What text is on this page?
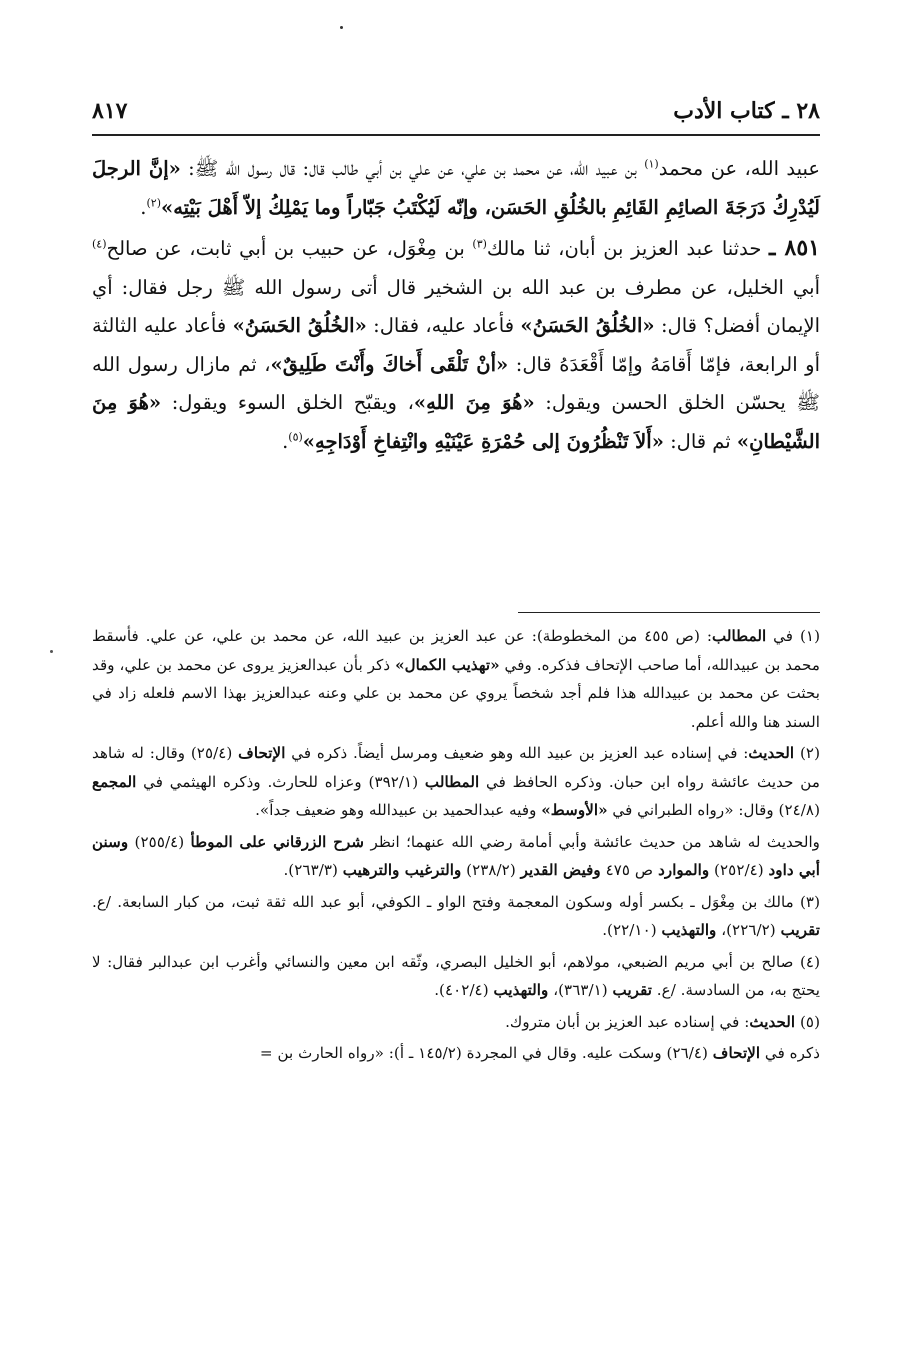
٢٨ ـ كتاب الأدب
٨١٧

عبيد الله، عن محمد$^{(١)}$ بن عبيد الله، عن محمد بن علي، عن علي بن أبي طالب قال: قال رسول الله ﷺ: «إنَّ الرجلَ لَيُدْرِكُ دَرَجَةَ الصائِمِ القَائِمِ بالخُلُقِ الحَسَن، وإنّه لَيُكْتَبُ جَبّاراً وما يَمْلِكُ إلاّ أَهْلَ بَيْتِه»$^{(٢)}$.

٨٥١ ـ حدثنا عبد العزيز بن أبان، ثنا مالك$^{(٣)}$ بن مِغْوَل، عن حبيب بن أبي ثابت، عن صالح$^{(٤)}$ أبي الخليل، عن مطرف بن عبد الله بن الشخير قال أتى رسول الله ﷺ رجل فقال: أي الإيمان أفضل؟ قال: «الخُلُقُ الحَسَنُ» فأعاد عليه، فقال: «الخُلُقُ الحَسَنُ» فأعاد عليه الثالثة أو الرابعة، فإمّا أَقامَهُ وإمّا أَقْعَدَهُ قال: «أنْ تَلْقَى أَخاكَ وأَنْتَ طَلِيقٌ»، ثم مازال رسول الله ﷺ يحسّن الخلق الحسن ويقول: «هُوَ مِنَ اللهِ»، ويقبّح الخلق السوء ويقول: «هُوَ مِنَ الشَّيْطانِ» ثم قال: «أَلاَ تَنْظُرُونَ إلى حُمْرَةِ عَيْنَيْهِ وانْتِفاخِ أَوْدَاجِهِ»$^{(٥)}$.

(١) في المطالب: (ص ٤٥٥ من المخطوطة): عن عبد العزيز بن عبيد الله، عن محمد بن علي، عن علي. فأسقط محمد بن عبيدالله، أما صاحب الإتحاف فذكره. وفي «تهذيب الكمال» ذكر بأن عبدالعزيز يروى عن محمد بن علي، وقد بحثت عن محمد بن عبيدالله هذا فلم أجد شخصاً يروي عن محمد بن علي وعنه عبدالعزيز بهذا الاسم فلعله زاد في السند هنا والله أعلم.

(٢) الحديث: في إسناده عبد العزيز بن عبيد الله وهو ضعيف ومرسل أيضاً. ذكره في الإتحاف (٢٥/٤) وقال: له شاهد من حديث عائشة رواه ابن حبان. وذكره الحافظ في المطالب (٣٩٢/١) وعزاه للحارث. وذكره الهيثمي في المجمع (٢٤/٨) وقال: «رواه الطبراني في «الأوسط» وفيه عبدالحميد بن عبيدالله وهو ضعيف جداً».

والحديث له شاهد من حديث عائشة وأبي أمامة رضي الله عنهما؛ انظر شرح الزرقاني على الموطأ (٢٥٥/٤) وسنن أبي داود (٢٥٢/٤) والموارد ص ٤٧٥ وفيض القدير (٢٣٨/٢) والترغيب والترهيب (٢٦٣/٣).

(٣) مالك بن مِغْوَل ـ بكسر أوله وسكون المعجمة وفتح الواو ـ الكوفي، أبو عبد الله ثقة ثبت، من كبار السابعة. /ع. تقريب (٢٢٦/٢)، والتهذيب (٢٢/١٠).

(٤) صالح بن أبي مريم الضبعي، مولاهم، أبو الخليل البصري، وثّقه ابن معين والنسائي وأغرب ابن عبدالبر فقال: لا يحتج به، من السادسة. /ع. تقريب (٣٦٣/١)، والتهذيب (٤٠٢/٤).

(٥) الحديث: في إسناده عبد العزيز بن أبان متروك.

ذكره في الإتحاف (٢٦/٤) وسكت عليه. وقال في المجردة (١٤٥/٢ ـ أ): «رواه الحارث بن =
